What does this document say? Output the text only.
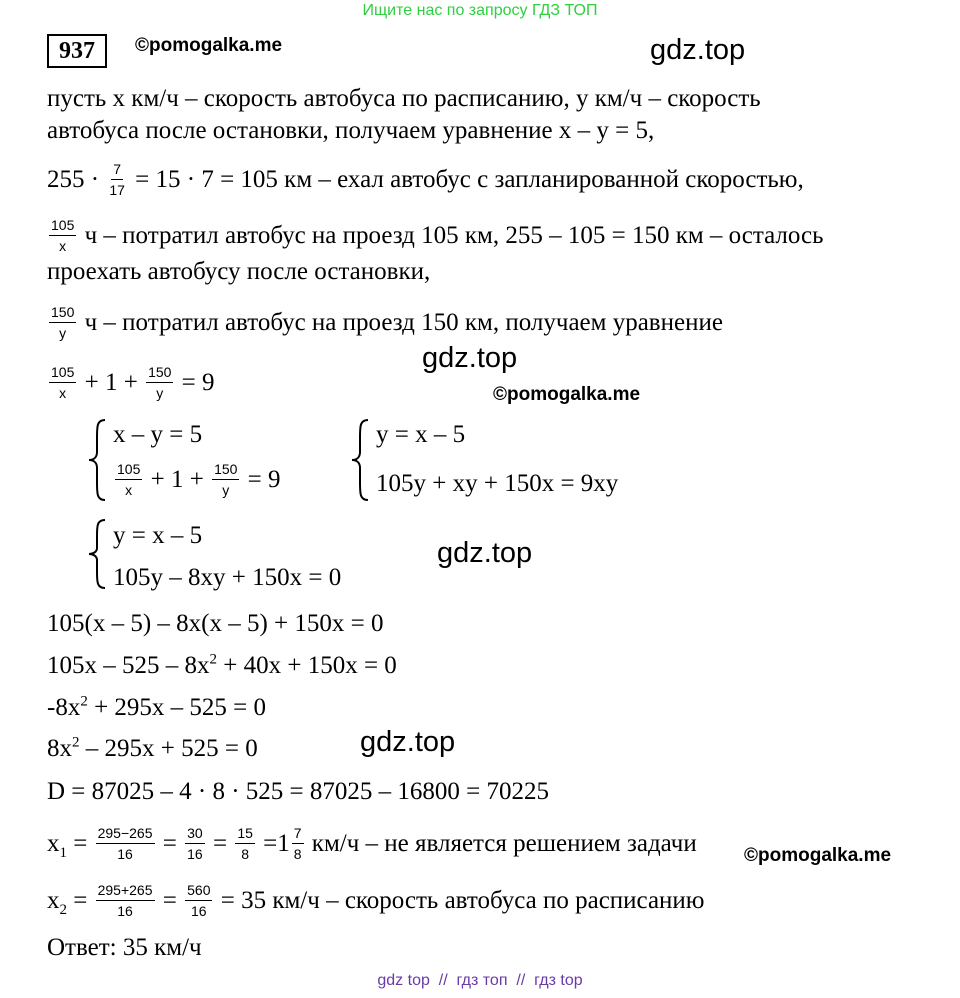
Ищите нас по запросу ГДЗ ТОП
937	©pomogalka.me	gdz.top
пусть x км/ч – скорость автобуса по расписанию, y км/ч – скорость
автобуса после остановки, получаем уравнение x – y = 5,
$255 \cdot \frac{7}{17} = 15 \cdot 7 = 105$ км – ехал автобус с запланированной скоростью,
$\frac{105}{x}$ ч – потратил автобус на проезд 105 км, 255 – 105 = 150 км – осталось
проехать автобусу после остановки,
$\frac{150}{y}$ ч – потратил автобус на проезд 150 км, получаем уравнение
gdz.top
$\frac{105}{x} + 1 + \frac{150}{y} = 9$	©pomogalka.me
x – y = 5
$\frac{105}{x} + 1 + \frac{150}{y} = 9$
y = x – 5
105y + xy + 150x = 9xy
y = x – 5
105y – 8xy + 150x = 0
gdz.top
105(x – 5) – 8x(x – 5) + 150x = 0
$105x - 525 - 8x^2 + 40x + 150x = 0$
$-8x^2 + 295x - 525 = 0$
$8x^2 - 295x + 525 = 0$	gdz.top
D = 87025 – 4 · 8 · 525 = 87025 – 16800 = 70225
$x_1 = \frac{295-265}{16} = \frac{30}{16} = \frac{15}{8} =1 \frac{7}{8} км/ч$ – не является решением задачи ©pomogalka.me
$x_2 = \frac{295+265}{16} = \frac{560}{16} = 35$ км/ч – скорость автобуса по расписанию
Ответ: 35 км/ч
gdz top  //  гдз топ  //  гдз top
